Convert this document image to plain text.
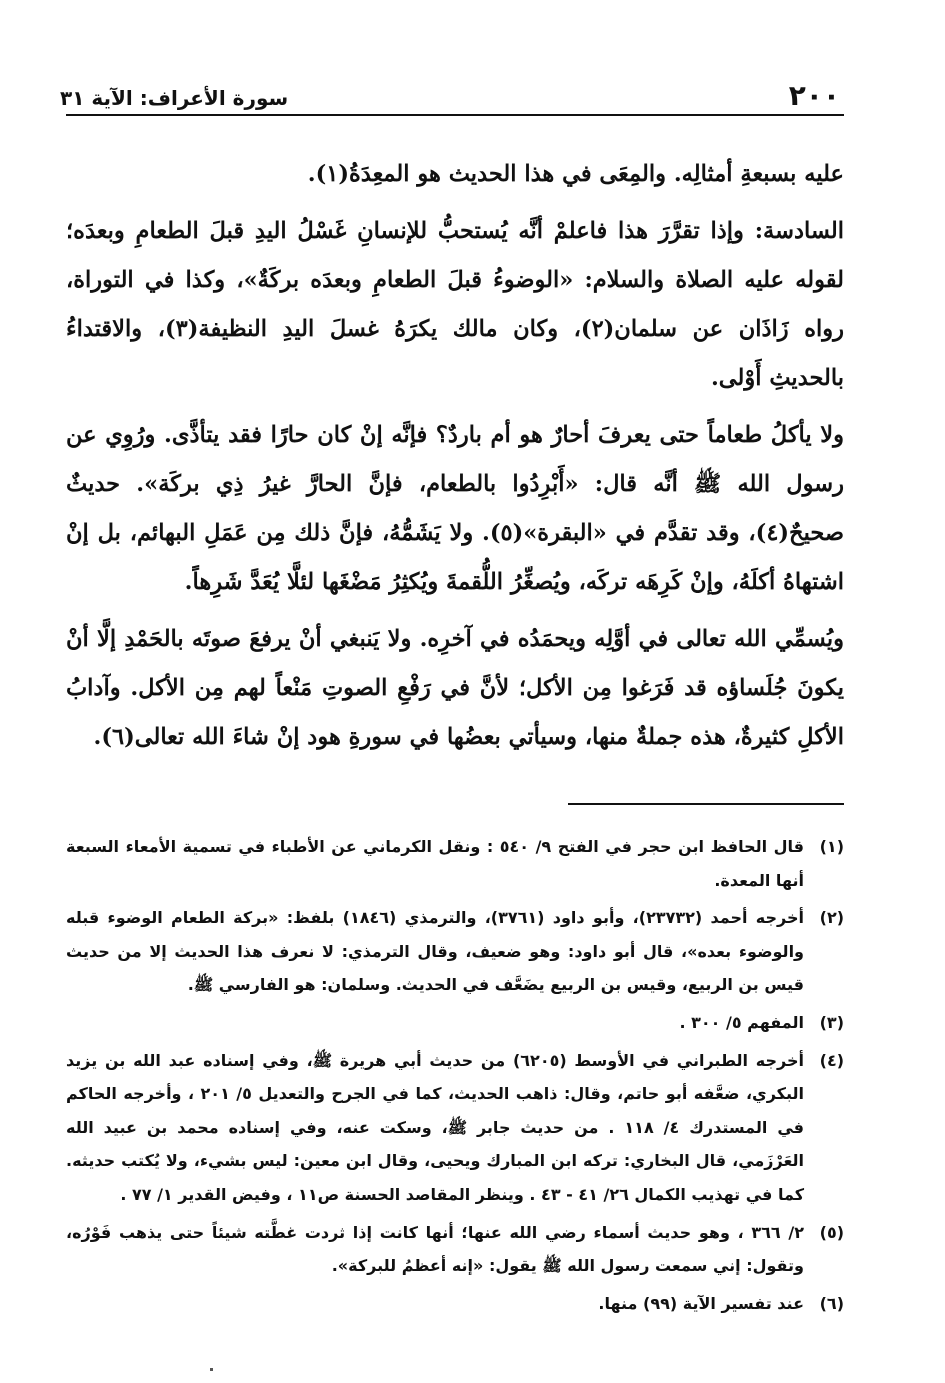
٢٠٠
سورة الأعراف: الآية ٣١

عليه بسبعةِ أمثالِه. والمِعَى في هذا الحديث هو المعِدَةُ(١).

السادسة: وإذا تقرَّرَ هذا فاعلمْ أنَّه يُستحبُّ للإنسانِ غَسْلُ اليدِ قبلَ الطعامِ وبعدَه؛ لقوله عليه الصلاة والسلام: «الوضوءُ قبلَ الطعامِ وبعدَه بركَةٌ»، وكذا في التوراة، رواه زَاذَان عن سلمان(٢)، وكان مالك يكرَهُ غسلَ اليدِ النظيفة(٣)، والاقتداءُ بالحديثِ أَوْلى.

ولا يأكلُ طعاماً حتى يعرفَ أحارٌ هو أم باردٌ؟ فإنَّه إنْ كان حارًا فقد يتأذَّى. ورُوِي عن رسول الله ﷺ أنَّه قال: «أَبْرِدُوا بالطعام، فإنَّ الحارَّ غيرُ ذِي بركَة». حديثٌ صحيحٌ(٤)، وقد تقدَّم في «البقرة»(٥). ولا يَشَمُّهُ، فإنَّ ذلك مِن عَمَلِ البهائم، بل إنْ اشتهاهُ أكلَهُ، وإنْ كَرِهَه تركَه، ويُصغِّرُ اللُّقمةَ ويُكثِرُ مَضْغَها لئلَّا يُعَدَّ شَرِهاً.

ويُسمِّي الله تعالى في أوَّلِه ويحمَدُه في آخرِه. ولا يَنبغي أنْ يرفعَ صوتَه بالحَمْدِ إلَّا أنْ يكونَ جُلَساؤه قد فَرَغوا مِن الأكل؛ لأنَّ في رَفْعِ الصوتِ مَنْعاً لهم مِن الأكل. وآدابُ الأكلِ كثيرةٌ، هذه جملةٌ منها، وسيأتي بعضُها في سورةِ هود إنْ شاءَ الله تعالى(٦).

(١)قال الحافظ ابن حجر في الفتح ٩/ ٥٤٠ : ونقل الكرماني عن الأطباء في تسمية الأمعاء السبعة أنها المعدة.

(٢)أخرجه أحمد (٢٣٧٣٢)، وأبو داود (٣٧٦١)، والترمذي (١٨٤٦) بلفظ: «بركة الطعام الوضوء قبله والوضوء بعده»، قال أبو داود: وهو ضعيف، وقال الترمذي: لا نعرف هذا الحديث إلا من حديث قيس بن الربيع، وقيس بن الربيع يضَعَّف في الحديث. وسلمان: هو الفارسي ﷺ.

(٣)المفهم ٥/ ٣٠٠ .

(٤)أخرجه الطبراني في الأوسط (٦٢٠٥) من حديث أبي هريرة ﷺ، وفي إسناده عبد الله بن يزيد البكري، ضعَّفه أبو حاتم، وقال: ذاهب الحديث، كما في الجرح والتعديل ٥/ ٢٠١ ، وأخرجه الحاكم في المستدرك ٤/ ١١٨ . من حديث جابر ﷺ، وسكت عنه، وفي إسناده محمد بن عبيد الله العَرْزَمي، قال البخاري: تركه ابن المبارك ويحيى، وقال ابن معين: ليس بشيء، ولا يُكتب حديثه. كما في تهذيب الكمال ٢٦/ ٤١ - ٤٣ . وينظر المقاصد الحسنة ص١١ ، وفيض القدير ١/ ٧٧ .

(٥)٢/ ٣٦٦ ، وهو حديث أسماء رضي الله عنها؛ أنها كانت إذا ثردت غطَّته شيئاً حتى يذهب فَوْرُه، وتقول: إني سمعت رسول الله ﷺ يقول: «إنه أعظمُ للبركة».

(٦)عند تفسير الآية (٩٩) منها.
